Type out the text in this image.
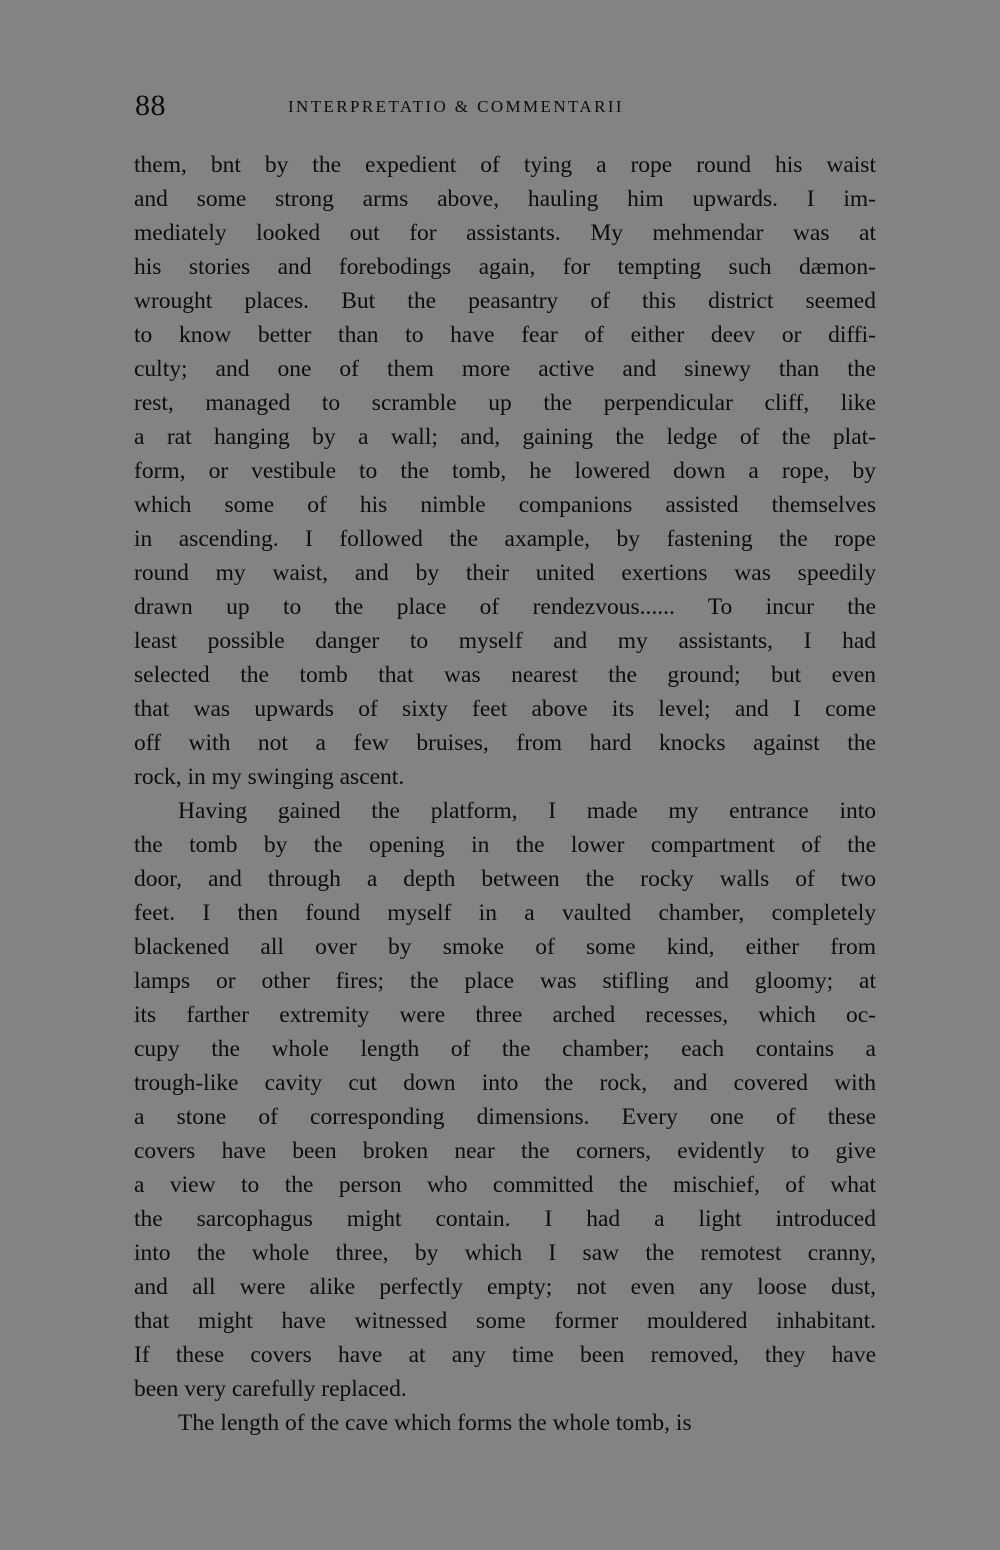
88	INTERPRETATIO & COMMENTARII
them, bnt by the expedient of tying a rope round his waist
and some strong arms above, hauling him upwards. I im-
mediately looked out for assistants. My mehmendar was at
his stories and forebodings again, for tempting such dæmon-
wrought places. But the peasantry of this district seemed
to know better than to have fear of either deev or diffi-
culty; and one of them more active and sinewy than the
rest, managed to scramble up the perpendicular cliff, like
a rat hanging by a wall; and, gaining the ledge of the plat-
form, or vestibule to the tomb, he lowered down a rope, by
which some of his nimble companions assisted themselves
in ascending. I followed the axample, by fastening the rope
round my waist, and by their united exertions was speedily
drawn up to the place of rendezvous...... To incur the
least possible danger to myself and my assistants, I had
selected the tomb that was nearest the ground; but even
that was upwards of sixty feet above its level; and I come
off with not a few bruises, from hard knocks against the
rock, in my swinging ascent.
Having gained the platform, I made my entrance into
the tomb by the opening in the lower compartment of the
door, and through a depth between the rocky walls of two
feet. I then found myself in a vaulted chamber, completely
blackened all over by smoke of some kind, either from
lamps or other fires; the place was stifling and gloomy; at
its farther extremity were three arched recesses, which oc-
cupy the whole length of the chamber; each contains a
trough-like cavity cut down into the rock, and covered with
a stone of corresponding dimensions. Every one of these
covers have been broken near the corners, evidently to give
a view to the person who committed the mischief, of what
the sarcophagus might contain. I had a light introduced
into the whole three, by which I saw the remotest cranny,
and all were alike perfectly empty; not even any loose dust,
that might have witnessed some former mouldered inhabitant.
If these covers have at any time been removed, they have
been very carefully replaced.
The length of the cave which forms the whole tomb, is
